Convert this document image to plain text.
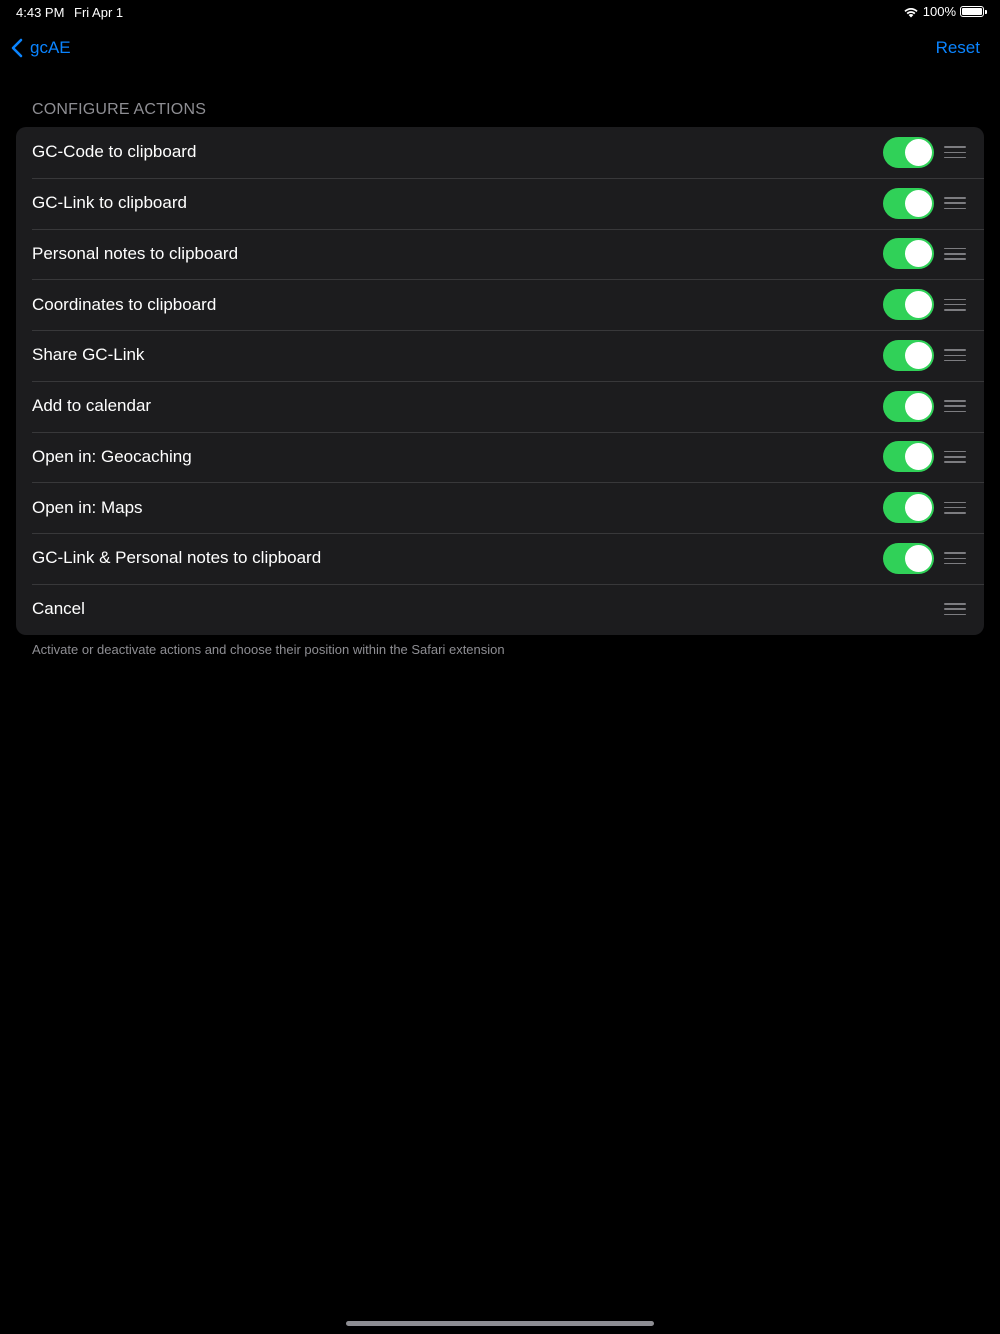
4:43 PM Fri Apr 1	100%
gcAE	Reset
CONFIGURE ACTIONS
GC-Code to clipboard
GC-Link to clipboard
Personal notes to clipboard
Coordinates to clipboard
Share GC-Link
Add to calendar
Open in: Geocaching
Open in: Maps
GC-Link & Personal notes to clipboard
Cancel
Activate or deactivate actions and choose their position within the Safari extension
